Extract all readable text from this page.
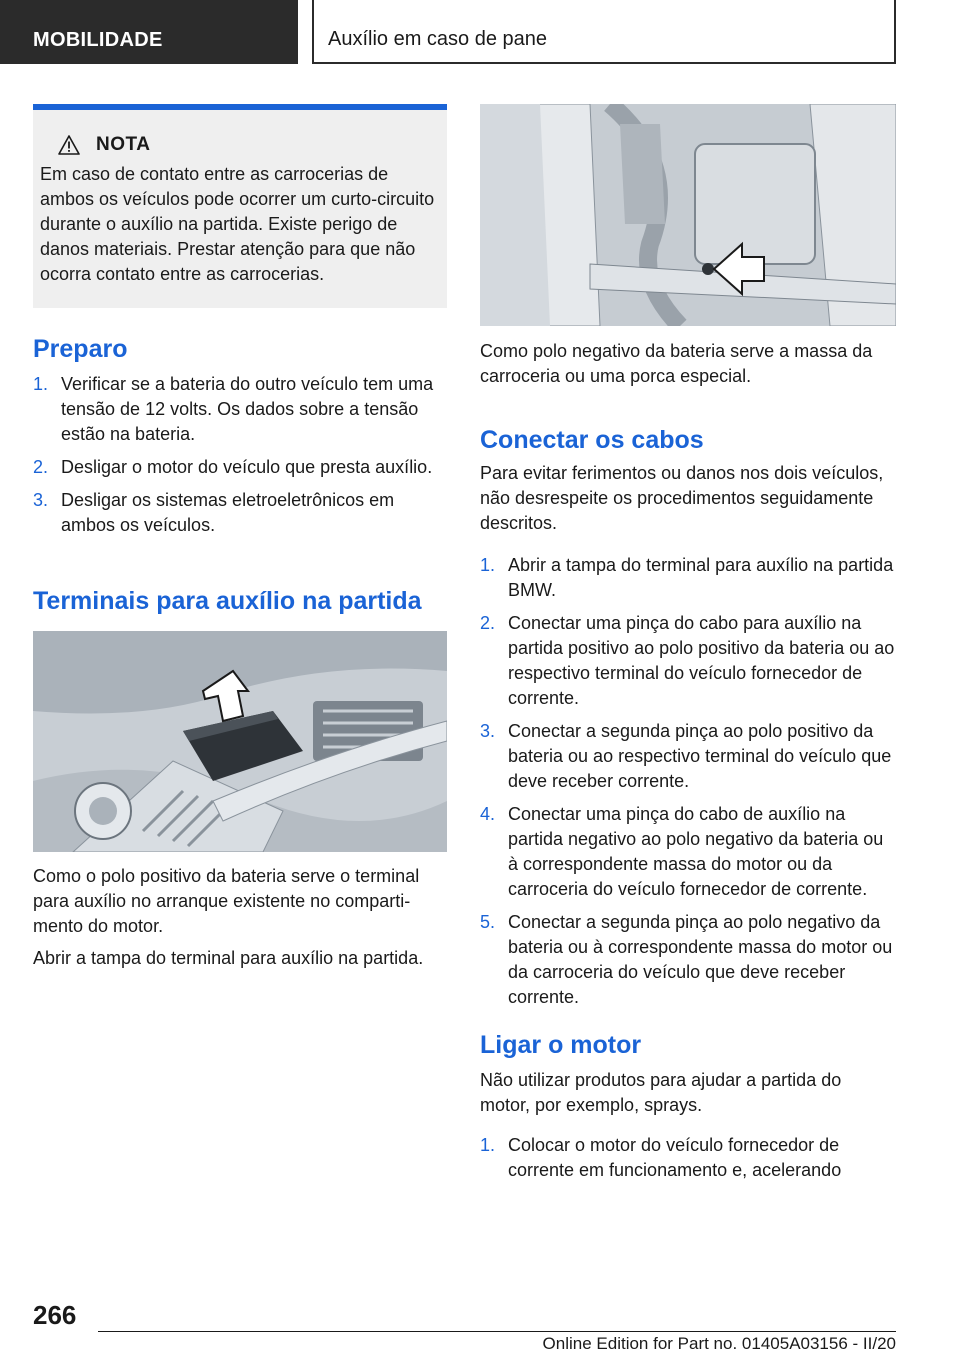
MOBILIDADE	Auxílio em caso de pane
NOTA
Em caso de contato entre as carrocerias de ambos os veículos pode ocorrer um curto-circuito durante o auxílio na partida. Existe perigo de danos materiais. Prestar atenção para que não ocorra contato entre as carrocerias.
Preparo
1. Verificar se a bateria do outro veículo tem uma tensão de 12 volts. Os dados sobre a tensão estão na bateria.
2. Desligar o motor do veículo que presta auxílio.
3. Desligar os sistemas eletroeletrônicos em ambos os veículos.
Terminais para auxílio na partida
Como o polo positivo da bateria serve o terminal para auxílio no arranque existente no compartimento do motor.
Abrir a tampa do terminal para auxílio na partida.
Como polo negativo da bateria serve a massa da carroceria ou uma porca especial.
Conectar os cabos
Para evitar ferimentos ou danos nos dois veículos, não desrespeite os procedimentos seguidamente descritos.
1. Abrir a tampa do terminal para auxílio na partida BMW.
2. Conectar uma pinça do cabo para auxílio na partida positivo ao polo positivo da bateria ou ao respectivo terminal do veículo fornecedor de corrente.
3. Conectar a segunda pinça ao polo positivo da bateria ou ao respectivo terminal do veículo que deve receber corrente.
4. Conectar uma pinça do cabo de auxílio na partida negativo ao polo negativo da bateria ou à correspondente massa do motor ou da carroceria do veículo fornecedor de corrente.
5. Conectar a segunda pinça ao polo negativo da bateria ou à correspondente massa do motor ou da carroceria do veículo que deve receber corrente.
Ligar o motor
Não utilizar produtos para ajudar a partida do motor, por exemplo, sprays.
1. Colocar o motor do veículo fornecedor de corrente em funcionamento e, acelerando
266
Online Edition for Part no. 01405A03156 - II/20
